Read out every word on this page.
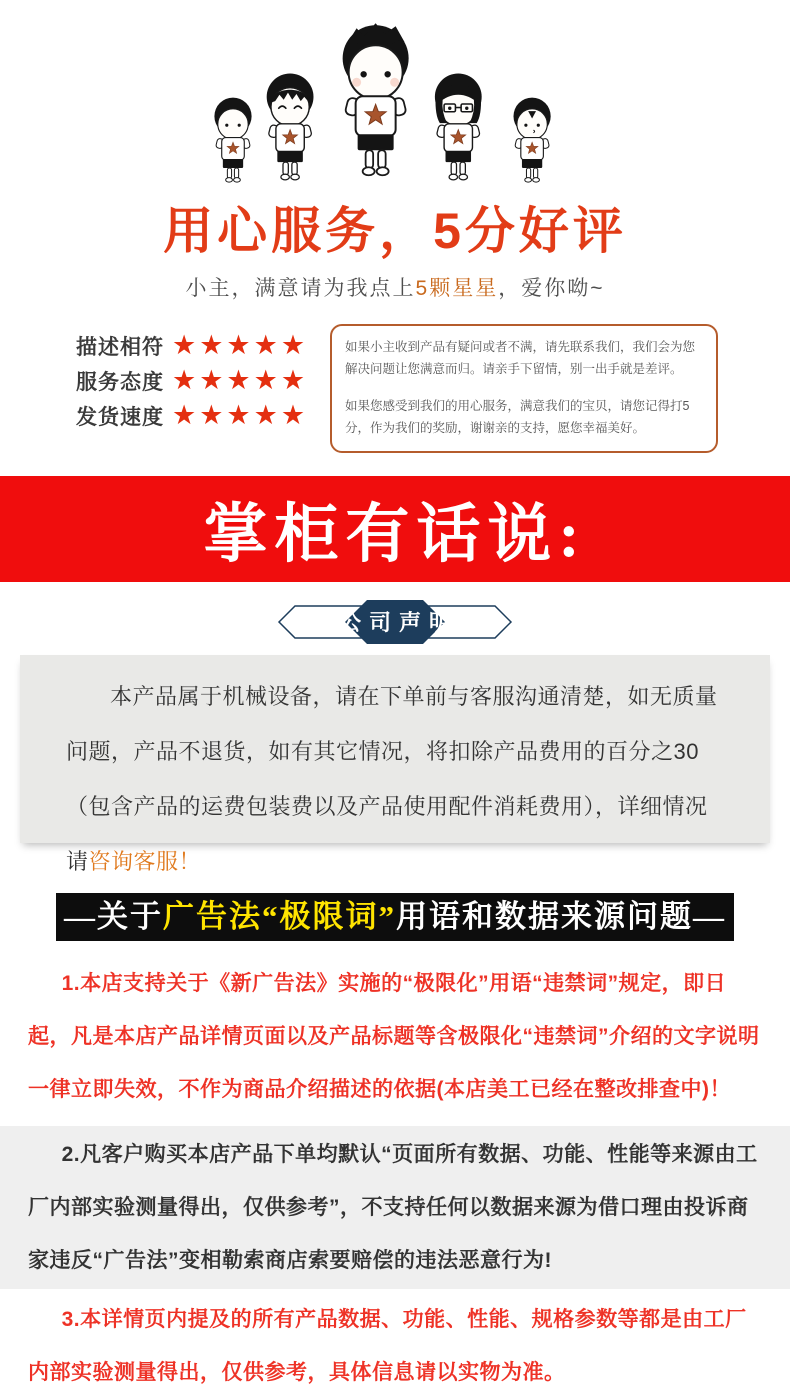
用心服务，5分好评
小主，满意请为我点上5颗星星，爱你呦~
描述相符 ★★★★★
服务态度 ★★★★★
发货速度 ★★★★★

如果小主收到产品有疑问或者不满，请先联系我们，我们会为您解决问题让您满意而归。请亲手下留情，别一出手就是差评。

如果您感受到我们的用心服务，满意我们的宝贝，请您记得打5分，作为我们的奖励，谢谢亲的支持，愿您幸福美好。

掌柜有话说:
公司声明
本产品属于机械设备，请在下单前与客服沟通清楚，如无质量问题，产品不退货，如有其它情况，将扣除产品费用的百分之30（包含产品的运费包装费以及产品使用配件消耗费用），详细情况请咨询客服！
—关于广告法“极限词”用语和数据来源问题—

1.本店支持关于《新广告法》实施的“极限化”用语“违禁词”规定，即日起，凡是本店产品详情页面以及产品标题等含极限化“违禁词”介绍的文字说明一律立即失效，不作为商品介绍描述的依据(本店美工已经在整改排查中)！

2.凡客户购买本店产品下单均默认“页面所有数据、功能、性能等来源由工厂内部实验测量得出，仅供参考”，不支持任何以数据来源为借口理由投诉商家违反“广告法”变相勒索商店索要赔偿的违法恶意行为!

3.本详情页内提及的所有产品数据、功能、性能、规格参数等都是由工厂内部实验测量得出，仅供参考，具体信息请以实物为准。
